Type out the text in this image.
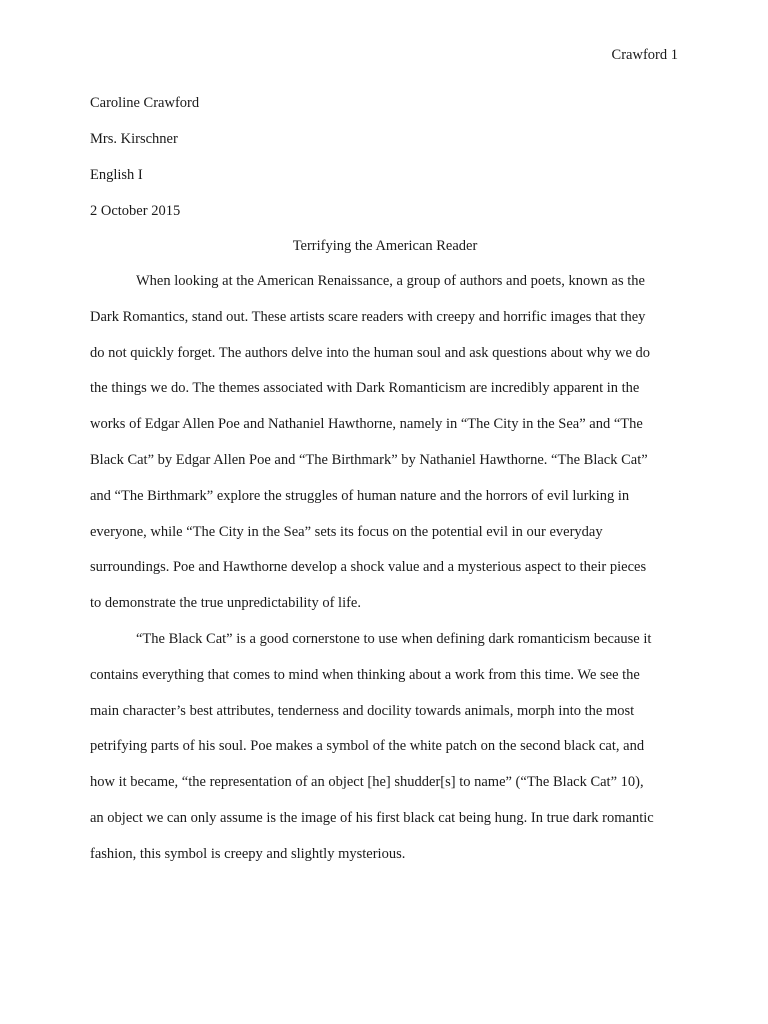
Crawford 1
Caroline Crawford
Mrs. Kirschner
English I
2 October 2015
Terrifying the American Reader
When looking at the American Renaissance, a group of authors and poets, known as the
Dark Romantics, stand out. These artists scare readers with creepy and horrific images that they
do not quickly forget. The authors delve into the human soul and ask questions about why we do
the things we do. The themes associated with Dark Romanticism are incredibly apparent in the
works of Edgar Allen Poe and Nathaniel Hawthorne, namely in “The City in the Sea” and “The
Black Cat” by Edgar Allen Poe and “The Birthmark” by Nathaniel Hawthorne. “The Black Cat”
and “The Birthmark” explore the struggles of human nature and the horrors of evil lurking in
everyone, while “The City in the Sea” sets its focus on the potential evil in our everyday
surroundings. Poe and Hawthorne develop a shock value and a mysterious aspect to their pieces
to demonstrate the true unpredictability of life.
“The Black Cat” is a good cornerstone to use when defining dark romanticism because it
contains everything that comes to mind when thinking about a work from this time. We see the
main character’s best attributes, tenderness and docility towards animals, morph into the most
petrifying parts of his soul. Poe makes a symbol of the white patch on the second black cat, and
how it became, “the representation of an object [he] shudder[s] to name” (“The Black Cat” 10),
an object we can only assume is the image of his first black cat being hung. In true dark romantic
fashion, this symbol is creepy and slightly mysterious.
